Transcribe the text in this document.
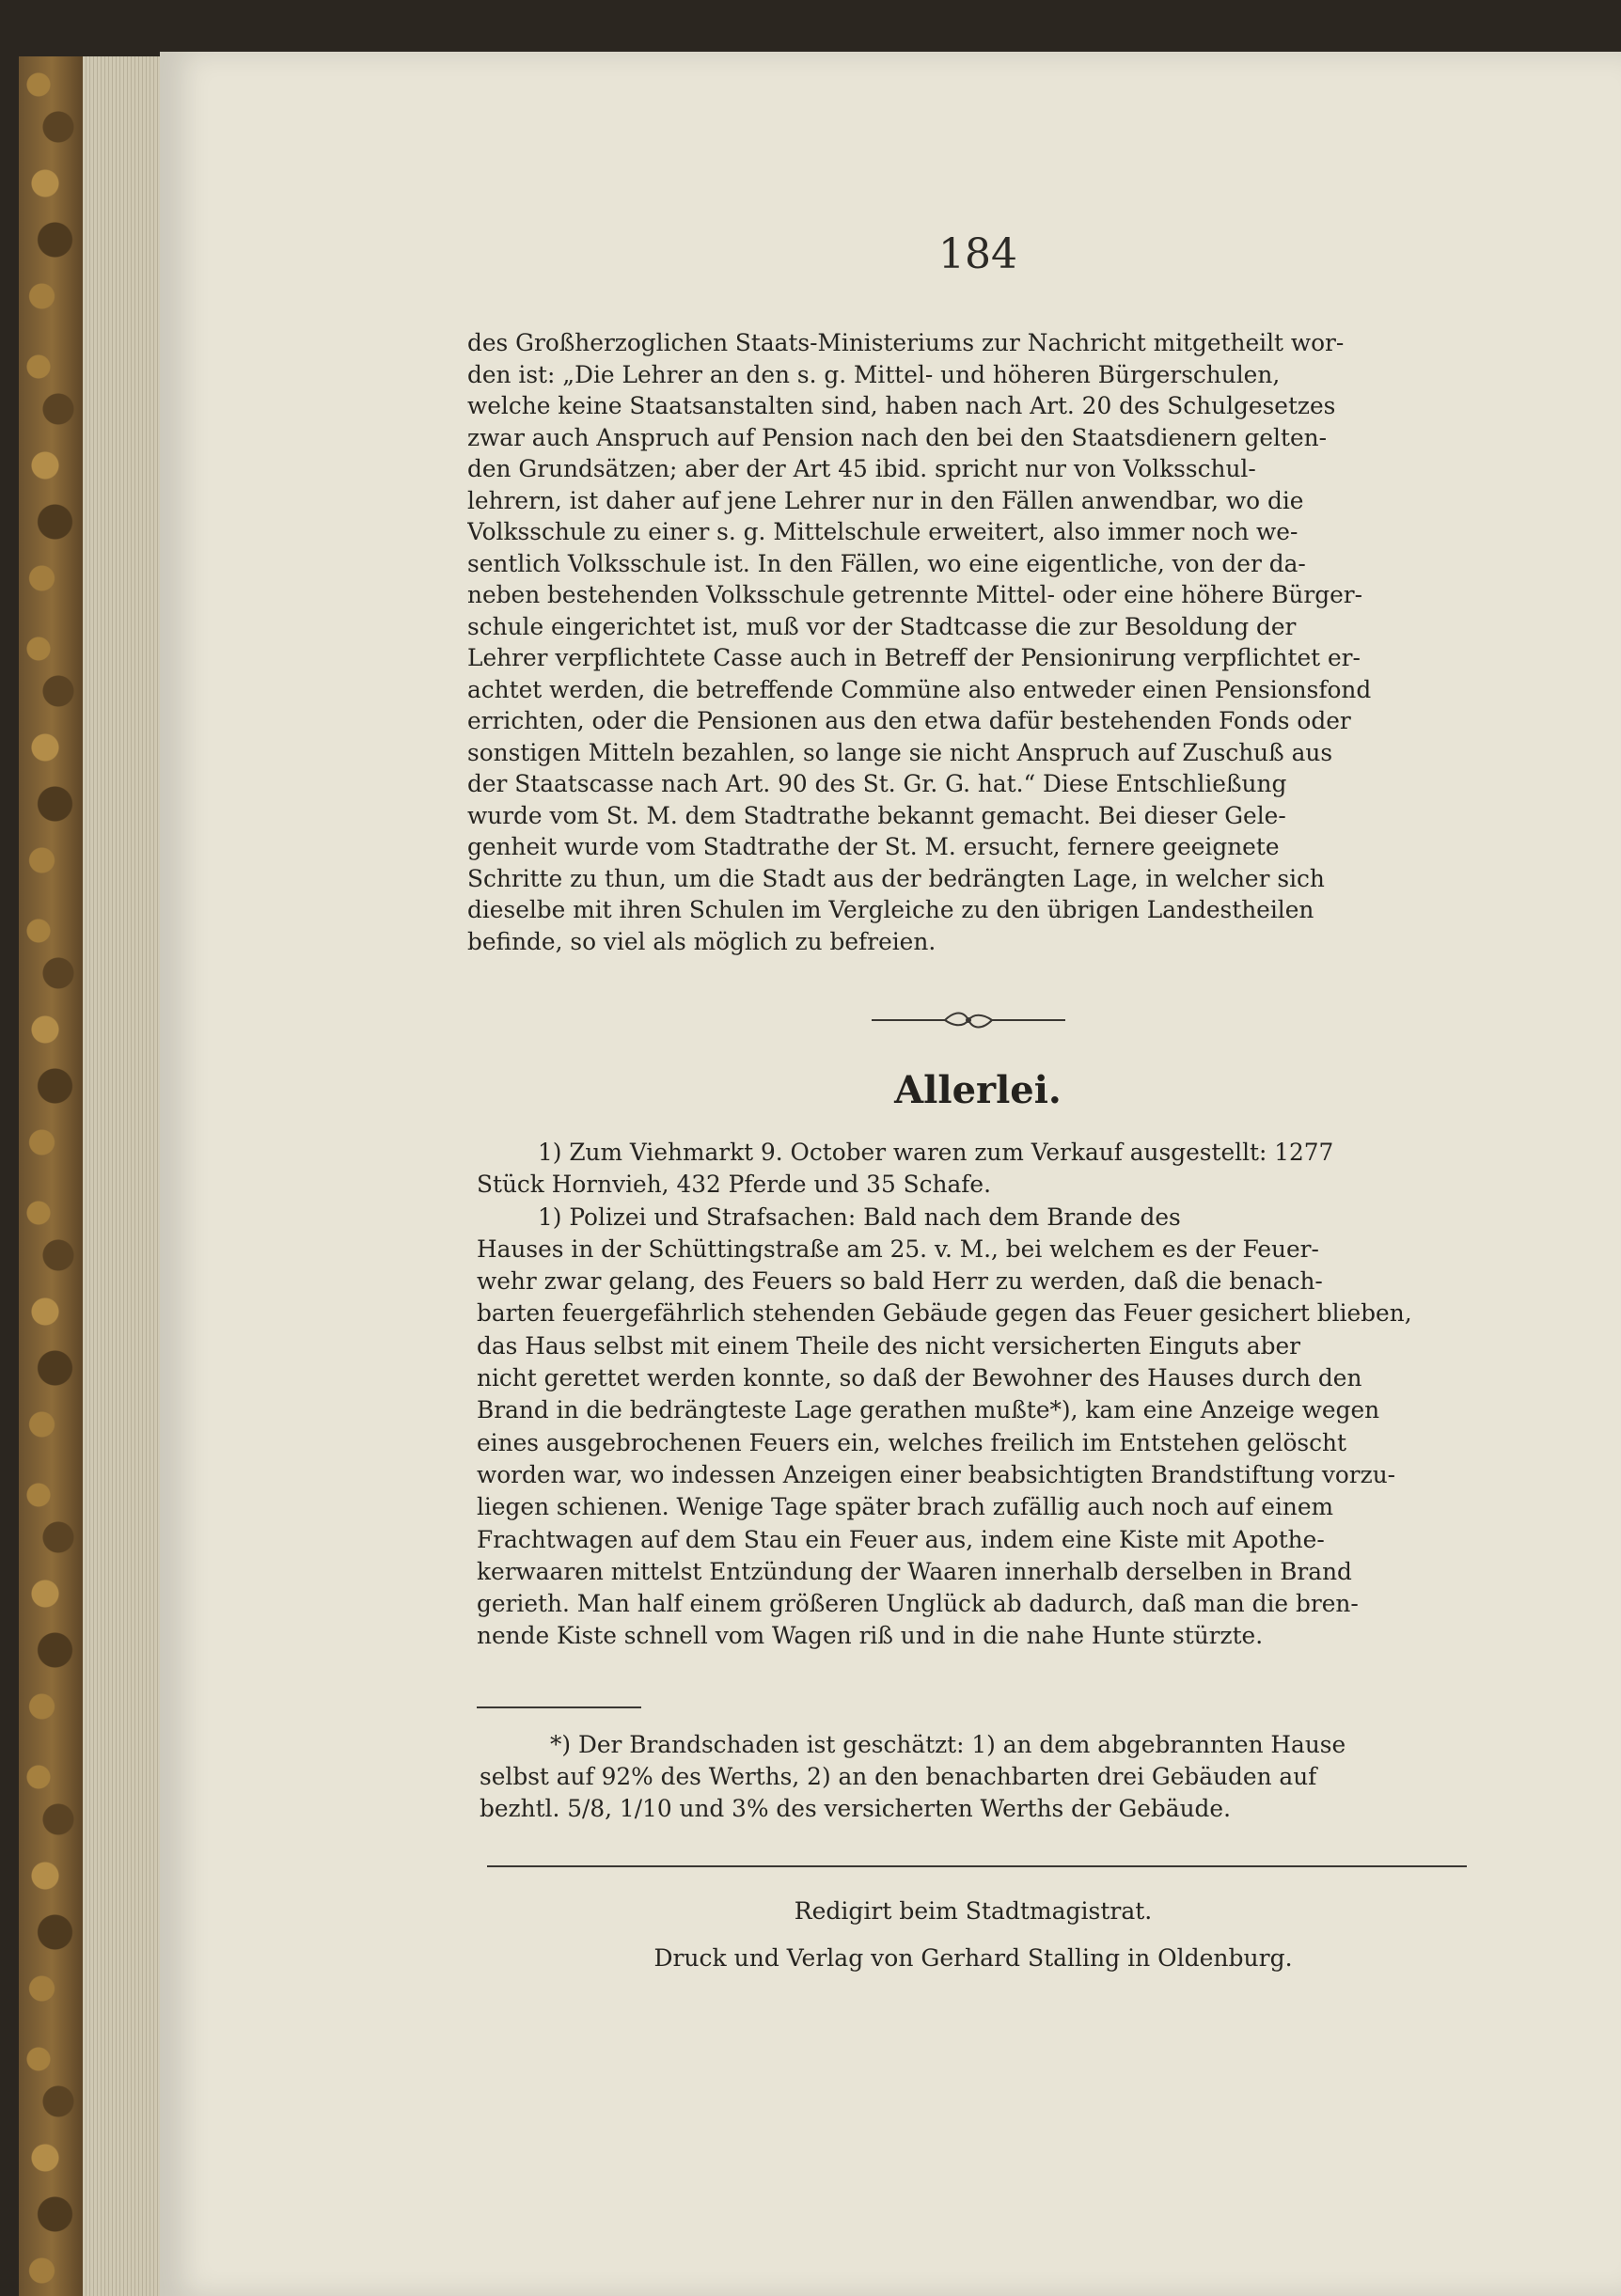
184
des Großherzoglichen Staats-Ministeriums zur Nachricht mitgetheilt wor-
den ist: „Die Lehrer an den s. g. Mittel- und höheren Bürgerschulen,
welche keine Staatsanstalten sind, haben nach Art. 20 des Schulgesetzes
zwar auch Anspruch auf Pension nach den bei den Staatsdienern gelten-
den Grundsätzen; aber der Art 45 ibid. spricht nur von Volksschul-
lehrern, ist daher auf jene Lehrer nur in den Fällen anwendbar, wo die
Volksschule zu einer s. g. Mittelschule erweitert, also immer noch we-
sentlich Volksschule ist. In den Fällen, wo eine eigentliche, von der da-
neben bestehenden Volksschule getrennte Mittel- oder eine höhere Bürger-
schule eingerichtet ist, muß vor der Stadtcasse die zur Besoldung der
Lehrer verpflichtete Casse auch in Betreff der Pensionirung verpflichtet er-
achtet werden, die betreffende Commüne also entweder einen Pensionsfond
errichten, oder die Pensionen aus den etwa dafür bestehenden Fonds oder
sonstigen Mitteln bezahlen, so lange sie nicht Anspruch auf Zuschuß aus
der Staatscasse nach Art. 90 des St. Gr. G. hat.“ Diese Entschließung
wurde vom St. M. dem Stadtrathe bekannt gemacht. Bei dieser Gele-
genheit wurde vom Stadtrathe der St. M. ersucht, fernere geeignete
Schritte zu thun, um die Stadt aus der bedrängten Lage, in welcher sich
dieselbe mit ihren Schulen im Vergleiche zu den übrigen Landestheilen
befinde, so viel als möglich zu befreien.
Allerlei.
1) Zum Viehmarkt 9. October waren zum Verkauf ausgestellt: 1277
Stück Hornvieh, 432 Pferde und 35 Schafe.
1) Polizei und Strafsachen: Bald nach dem Brande des
Hauses in der Schüttingstraße am 25. v. M., bei welchem es der Feuer-
wehr zwar gelang, des Feuers so bald Herr zu werden, daß die benach-
barten feuergefährlich stehenden Gebäude gegen das Feuer gesichert blieben,
das Haus selbst mit einem Theile des nicht versicherten Einguts aber
nicht gerettet werden konnte, so daß der Bewohner des Hauses durch den
Brand in die bedrängteste Lage gerathen mußte*), kam eine Anzeige wegen
eines ausgebrochenen Feuers ein, welches freilich im Entstehen gelöscht
worden war, wo indessen Anzeigen einer beabsichtigten Brandstiftung vorzu-
liegen schienen. Wenige Tage später brach zufällig auch noch auf einem
Frachtwagen auf dem Stau ein Feuer aus, indem eine Kiste mit Apothe-
kerwaaren mittelst Entzündung der Waaren innerhalb derselben in Brand
gerieth. Man half einem größeren Unglück ab dadurch, daß man die bren-
nende Kiste schnell vom Wagen riß und in die nahe Hunte stürzte.
*) Der Brandschaden ist geschätzt: 1) an dem abgebrannten Hause
selbst auf 92% des Werths, 2) an den benachbarten drei Gebäuden auf
bezhtl. 5/8, 1/10 und 3% des versicherten Werths der Gebäude.
Redigirt beim Stadtmagistrat.
Druck und Verlag von Gerhard Stalling in Oldenburg.
